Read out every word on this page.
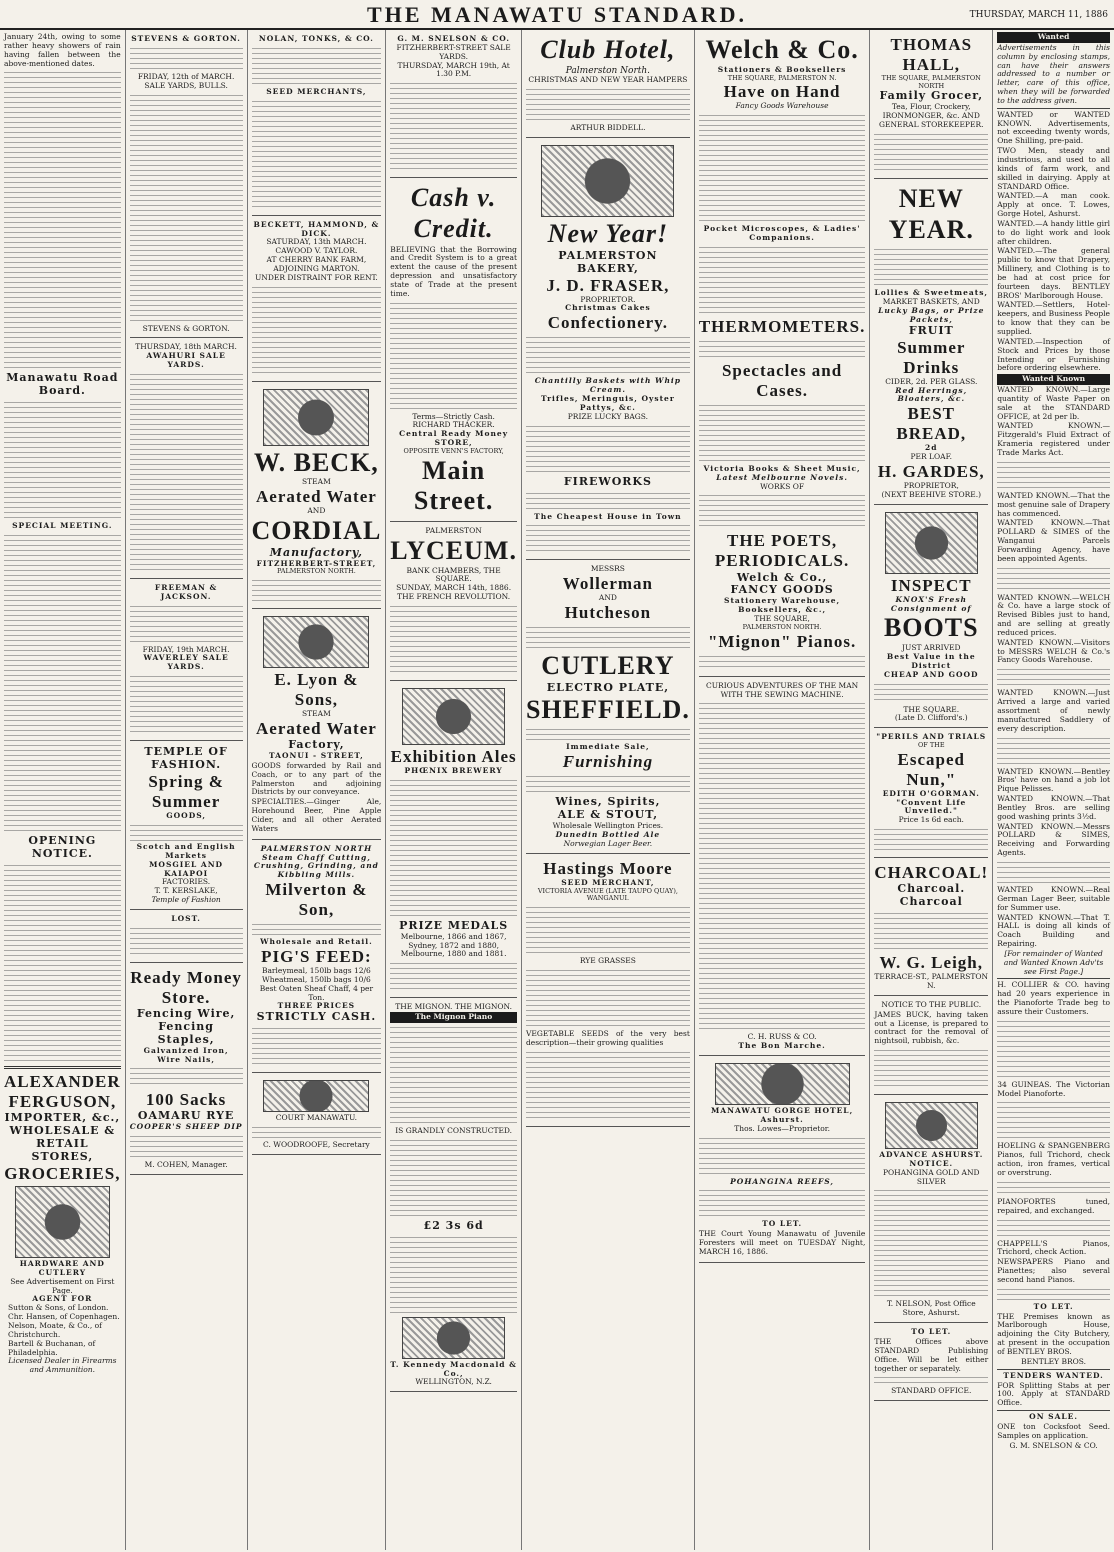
THE MANAWATU STANDARD.	THURSDAY, MARCH 11, 1886
January 24th, owing to some rather heavy showers of rain having fallen between the above-mentioned dates.
Manawatu Road Board.
SPECIAL MEETING.
OPENING NOTICE.
ALEXANDER FERGUSON,
IMPORTER, &c.,
WHOLESALE & RETAIL STORES,
GROCERIES,
HARDWARE AND CUTLERY
See Advertisement on First Page.
AGENT FOR
Sutton & Sons, of London.
Chr. Hansen, of Copenhagen.
Nelson, Moate, & Co., of Christchurch.
Bartell & Buchanan, of Philadelphia.
Licensed Dealer in Firearms and Ammunition.
STEVENS & GORTON.
FRIDAY, 12th of MARCH.
SALE YARDS, BULLS.
STEVENS & GORTON.
THURSDAY, 18th MARCH.
AWAHURI SALE YARDS.
FREEMAN & JACKSON.
FRIDAY, 19th MARCH.
WAVERLEY SALE YARDS.
TEMPLE OF FASHION.
Spring & Summer
GOODS,
Scotch and English Markets
MOSGIEL AND KAIAPOI
FACTORIES.
T. T. KERSLAKE,
Temple of Fashion
LOST.
Ready Money
Store.
Fencing Wire,
Fencing Staples,
Galvanized Iron,
Wire Nails,
100 Sacks
OAMARU RYE
COOPER'S SHEEP DIP
M. COHEN, Manager.
NOLAN, TONKS, & CO.
SEED MERCHANTS,
BECKETT, HAMMOND, & DICK.
SATURDAY, 13th MARCH.
CAWOOD V. TAYLOR.
AT CHERRY BANK FARM, ADJOINING MARTON.
UNDER DISTRAINT FOR RENT.
W. BECK,
STEAM
Aerated Water
AND
CORDIAL
Manufactory,
FITZHERBERT-STREET,
PALMERSTON NORTH.
E. Lyon & Sons,
STEAM
Aerated Water
Factory,
TAONUI - STREET,
GOODS forwarded by Rail and Coach, or to any part of the Palmerston and adjoining Districts by our conveyance.
SPECIALTIES.—Ginger Ale, Horehound Beer, Pine Apple Cider, and all other Aerated Waters
PALMERSTON NORTH Steam Chaff Cutting, Crushing, Grinding, and Kibbling Mills.
Milverton & Son,
Wholesale and Retail.
PIG'S FEED:
Barleymeal, 150lb bags 12/6
Wheatmeal, 150lb bags 10/6
Best Oaten Sheaf Chaff, 4 per Ton.
THREE PRICES
STRICTLY CASH.
COURT MANAWATU.
C. WOODROOFE, Secretary
G. M. SNELSON & CO.
FITZHERBERT-STREET SALE YARDS.
THURSDAY, MARCH 19th, At 1.30 P.M.
Cash v. Credit.
BELIEVING that the Borrowing and Credit System is to a great extent the cause of the present depression and unsatisfactory state of Trade at the present time.
Terms—Strictly Cash.
RICHARD THACKER.
Central Ready Money STORE,
OPPOSITE VENN'S FACTORY,
Main Street.
PALMERSTON
LYCEUM.
BANK CHAMBERS, THE SQUARE.
SUNDAY, MARCH 14th, 1886.
THE FRENCH REVOLUTION.
Exhibition Ales
PHŒNIX BREWERY
PRIZE MEDALS
Melbourne, 1866 and 1867,
Sydney, 1872 and 1880,
Melbourne, 1880 and 1881.
THE MIGNON. THE MIGNON.
The Mignon Piano
IS GRANDLY CONSTRUCTED.
£2 3s 6d
T. Kennedy Macdonald & Co.,
WELLINGTON, N.Z.
Club Hotel,
Palmerston North.
CHRISTMAS AND NEW YEAR HAMPERS
ARTHUR BIDDELL.
New Year!
PALMERSTON BAKERY,
J. D. FRASER,
PROPRIETOR.
Christmas Cakes
Confectionery.
Chantilly Baskets with Whip Cream.
Trifles, Meringuis, Oyster Pattys, &c.
PRIZE LUCKY BAGS.
FIREWORKS
The Cheapest House in Town
MESSRS
Wollerman
AND
Hutcheson
CUTLERY
ELECTRO PLATE,
SHEFFIELD.
Immediate Sale,
Furnishing
Wines, Spirits,
ALE & STOUT,
Wholesale Wellington Prices.
Dunedin Bottled Ale
Norwegian Lager Beer.
Hastings Moore
SEED MERCHANT,
VICTORIA AVENUE (LATE TAUPO QUAY), WANGANUI.
RYE GRASSES
VEGETABLE SEEDS of the very best description—their growing qualities
Welch & Co.
Stationers & Booksellers
THE SQUARE, PALMERSTON N.
Have on Hand
Fancy Goods Warehouse
Pocket Microscopes, & Ladies' Companions.
THERMOMETERS.
Spectacles and Cases.
Victoria Books & Sheet Music,
Latest Melbourne Novels.
WORKS OF
THE POETS,
PERIODICALS.
Welch & Co.,
FANCY GOODS
Stationery Warehouse,
Booksellers, &c.,
THE SQUARE,
PALMERSTON NORTH.
"Mignon" Pianos.
CURIOUS ADVENTURES OF THE MAN WITH THE SEWING MACHINE.
C. H. RUSS & CO.
The Bon Marche.
MANAWATU GORGE HOTEL, Ashurst.
Thos. Lowes—Proprietor.
POHANGINA REEFS,
TO LET.
THE Court Young Manawatu of Juvenile Foresters will meet on TUESDAY Night, MARCH 16, 1886.
THOMAS HALL,
THE SQUARE, PALMERSTON NORTH
Family Grocer,
Tea, Flour, Crockery, IRONMONGER, &c. AND GENERAL STOREKEEPER.
NEW YEAR.
Lollies & Sweetmeats,
MARKET BASKETS, AND
Lucky Bags, or Prize Packets,
FRUIT
Summer Drinks
CIDER, 2d. PER GLASS.
Red Herrings, Bloaters, &c.
BEST BREAD,
2d
PER LOAF.
H. GARDES,
PROPRIETOR,
(NEXT BEEHIVE STORE.)
INSPECT
KNOX'S Fresh Consignment of
BOOTS
JUST ARRIVED
Best Value in the District
CHEAP AND GOOD
THE SQUARE.
(Late D. Clifford's.)
"PERILS AND TRIALS
OF THE
Escaped Nun,"
EDITH O'GORMAN.
"Convent Life Unveiled."
Price 1s 6d each.
CHARCOAL!
Charcoal. Charcoal
W. G. Leigh,
TERRACE-ST., PALMERSTON N.
NOTICE TO THE PUBLIC.
JAMES BUCK, having taken out a License, is prepared to contract for the removal of nightsoil, rubbish, &c.
ADVANCE ASHURST.
NOTICE.
POHANGINA GOLD AND SILVER
T. NELSON, Post Office Store, Ashurst.
TO LET.
THE Offices above STANDARD Publishing Office. Will be let either together or separately.
STANDARD OFFICE.
Wanted
Advertisements in this column by enclosing stamps, can have their answers addressed to a number or letter, care of this office, when they will be forwarded to the address given.
WANTED or WANTED KNOWN. Advertisements, not exceeding twenty words, One Shilling, pre-paid.
TWO Men, steady and industrious, and used to all kinds of farm work, and skilled in dairying. Apply at STANDARD Office.
WANTED.—A man cook. Apply at once. T. Lowes, Gorge Hotel, Ashurst.
WANTED.—A handy little girl to do light work and look after children.
WANTED.—The general public to know that Drapery, Millinery, and Clothing is to be had at cost price for fourteen days. BENTLEY BROS' Marlborough House.
WANTED.—Settlers, Hotel-keepers, and Business People to know that they can be supplied.
WANTED.—Inspection of Stock and Prices by those Intending or Furnishing before ordering elsewhere.
Wanted Known
WANTED KNOWN.—Large quantity of Waste Paper on sale at the STANDARD OFFICE, at 2d per lb.
WANTED KNOWN.—Fitzgerald's Fluid Extract of Krameria registered under Trade Marks Act.
WANTED KNOWN.—That the most genuine sale of Drapery has commenced.
WANTED KNOWN.—That POLLARD & SIMES of the Wanganui Parcels Forwarding Agency, have been appointed Agents.
WANTED KNOWN.—WELCH & Co. have a large stock of Revised Bibles just to hand, and are selling at greatly reduced prices.
WANTED KNOWN.—Visitors to MESSRS WELCH & Co.'s Fancy Goods Warehouse.
WANTED KNOWN.—Just Arrived a large and varied assortment of newly manufactured Saddlery of every description.
WANTED KNOWN.—Bentley Bros' have on hand a job lot Pique Pelisses.
WANTED KNOWN.—That Bentley Bros. are selling good washing prints 3½d.
WANTED KNOWN.—Messrs POLLARD & SIMES, Receiving and Forwarding Agents.
WANTED KNOWN.—Real German Lager Beer, suitable for Summer use.
WANTED KNOWN.—That T. HALL is doing all kinds of Coach Building and Repairing.
[For remainder of Wanted and Wanted Known Adv'ts see First Page.]
H. COLLIER & CO. having had 20 years experience in the Pianoforte Trade beg to assure their Customers.
34 GUINEAS. The Victorian Model Pianoforte.
HOELING & SPANGENBERG Pianos, full Trichord, check action, iron frames, vertical or overstrung.
PIANOFORTES tuned, repaired, and exchanged.
CHAPPELL'S Pianos, Trichord, check Action.
NEWSPAPERS Piano and Pianettes; also several second hand Pianos.
TO LET.
THE Premises known as Marlborough House, adjoining the City Butchery, at present in the occupation of BENTLEY BROS.
BENTLEY BROS.
TENDERS WANTED.
FOR Splitting Stabs at per 100. Apply at STANDARD Office.
ON SALE.
ONE ton Cocksfoot Seed. Samples on application.
G. M. SNELSON & CO.
